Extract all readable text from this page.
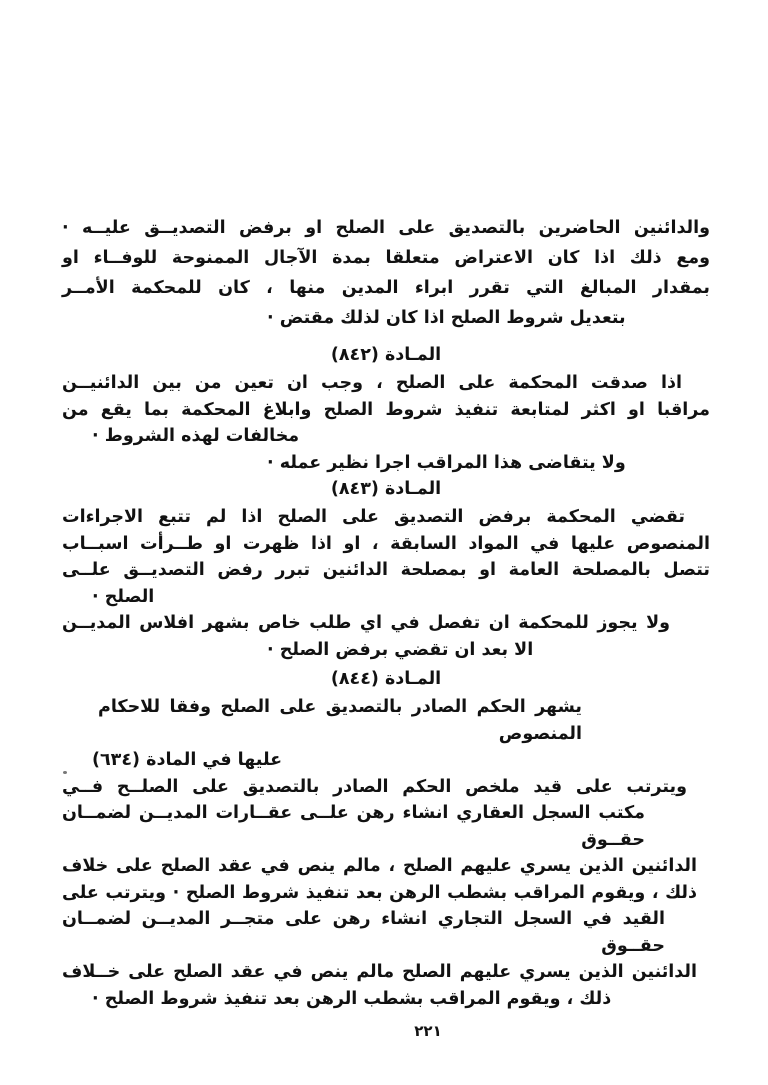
والدائنين الحاضرين بالتصديق على الصلح او برفض التصديــق عليــه ·
ومع ذلك اذا كان الاعتراض متعلقا بمدة الآجال الممنوحة للوفــاء او
بمقدار المبالغ التي تقرر ابراء المدين منها ، كان للمحكمة الأمــر
بتعديل شروط الصلح اذا كان لذلك مقتض ·
المـادة (٨٤٢)
اذا صدقت المحكمة على الصلح ، وجب ان تعين من بين الدائنيــن
مراقبا او اكثر لمتابعة تنفيذ شروط الصلح وابلاغ المحكمة بما يقع من
مخالفات لهذه الشروط ·
ولا يتقاضى هذا المراقب اجرا نظير عمله ·
المـادة (٨٤٣)
تقضي المحكمة برفض التصديق على الصلح اذا لم تتبع الاجراءات
المنصوص عليها في المواد السابقة ، او اذا ظهرت او طــرأت اسبــاب
تتصل بالمصلحة العامة او بمصلحة الدائنين تبرر رفض التصديــق علــى
الصلح ·
ولا يجوز للمحكمة ان تفصل في اي طلب خاص بشهر افلاس المديــن
الا بعد ان تقضي برفض الصلح ·
المـادة (٨٤٤)
يشهر الحكم الصادر بالتصديق على الصلح وفقا للاحكام المنصوص
عليها في المادة (٦٣٤)
ويترتب على قيد ملخص الحكم الصادر بالتصديق على الصلــح فــي
مكتب السجل العقاري انشاء رهن علــى عقــارات المديــن لضمــان حقــوق
الدائنين الذين يسري عليهم الصلح ، مالم ينص في عقد الصلح على خلاف
ذلك ، ويقوم المراقب بشطب الرهن بعد تنفيذ شروط الصلح · ويترتب على
القيد في السجل التجاري انشاء رهن على متجــر المديــن لضمــان حقــوق
الدائنين الذين يسري عليهم الصلح مالم ينص في عقد الصلح على خــلاف
ذلك ، ويقوم المراقب بشطب الرهن بعد تنفيذ شروط الصلح ·
٢٢١
